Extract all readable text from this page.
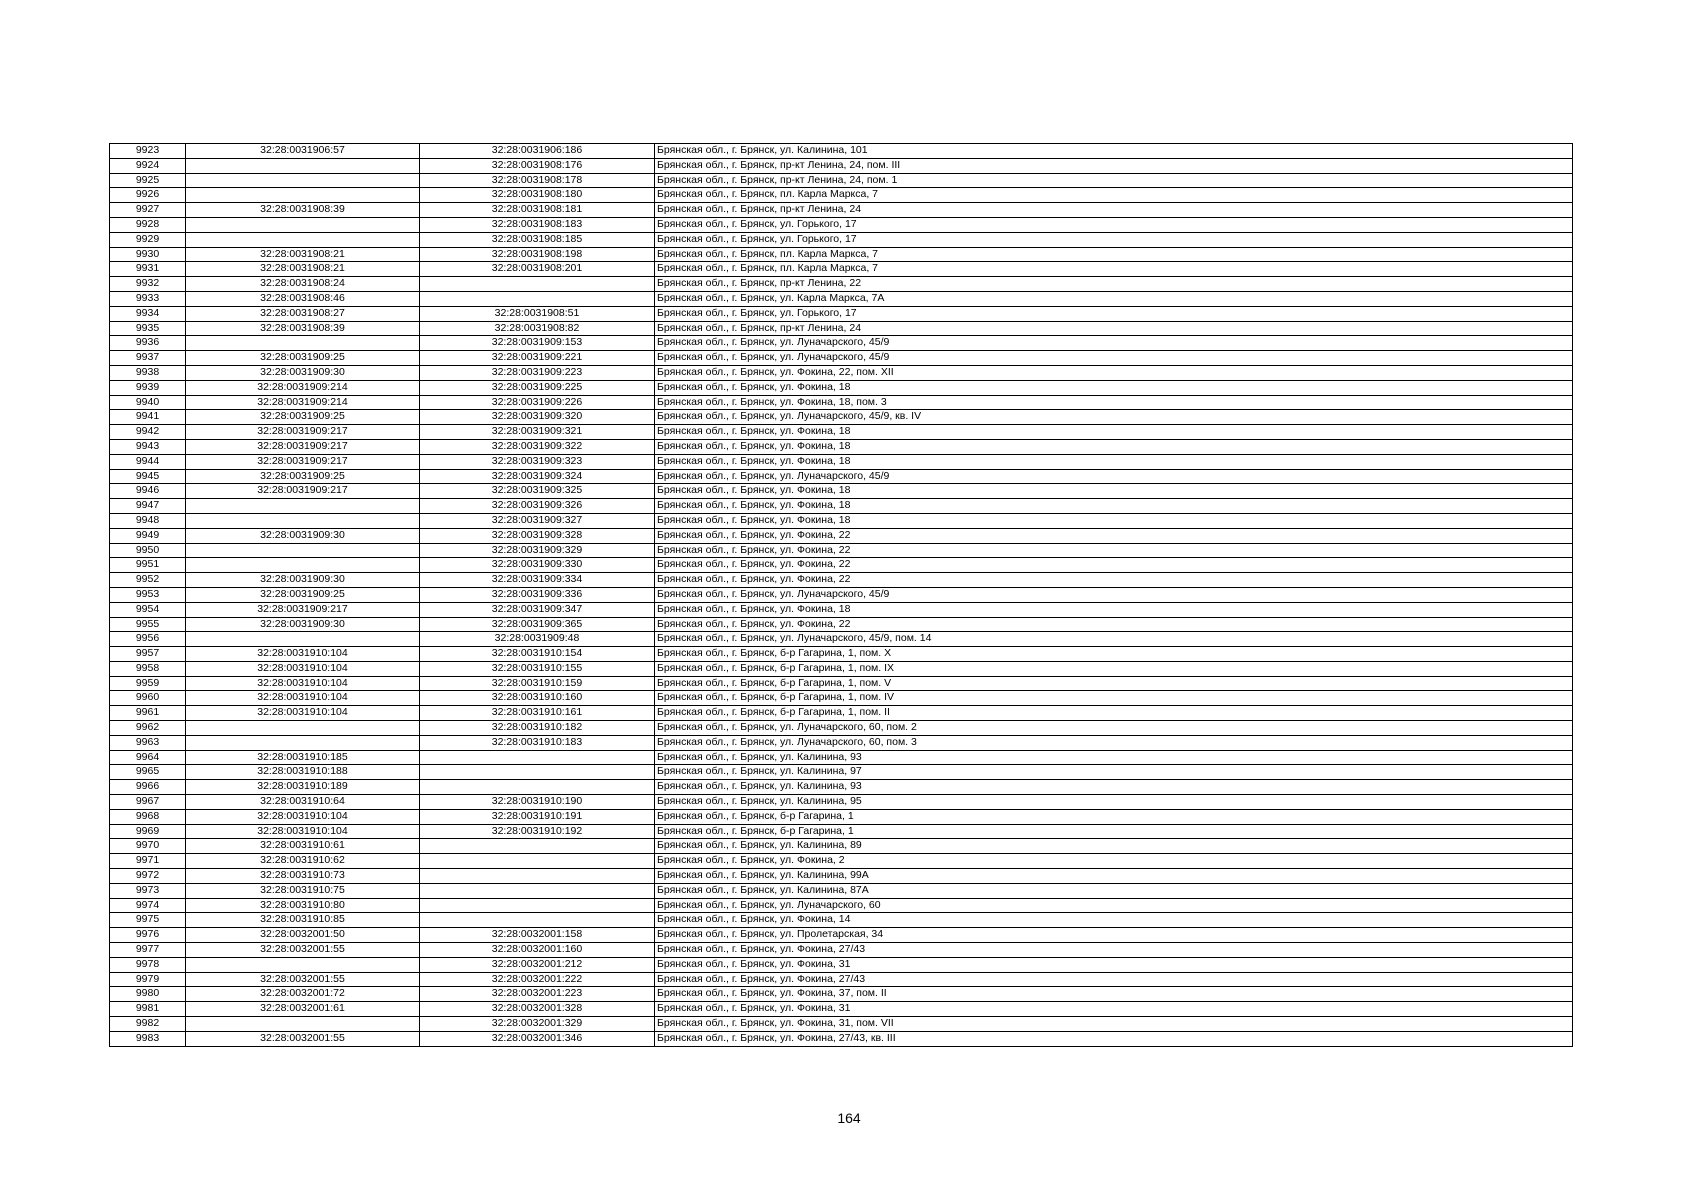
9923	32:28:0031906:57	32:28:0031906:186	Брянская обл., г. Брянск, ул. Калинина, 101
9924		32:28:0031908:176	Брянская обл., г. Брянск, пр-кт Ленина, 24, пом. III
9925		32:28:0031908:178	Брянская обл., г. Брянск, пр-кт Ленина, 24, пом. 1
9926		32:28:0031908:180	Брянская обл., г. Брянск, пл. Карла Маркса, 7
9927	32:28:0031908:39	32:28:0031908:181	Брянская обл., г. Брянск, пр-кт Ленина, 24
9928		32:28:0031908:183	Брянская обл., г. Брянск, ул. Горького, 17
9929		32:28:0031908:185	Брянская обл., г. Брянск, ул. Горького, 17
9930	32:28:0031908:21	32:28:0031908:198	Брянская обл., г. Брянск, пл. Карла Маркса, 7
9931	32:28:0031908:21	32:28:0031908:201	Брянская обл., г. Брянск, пл. Карла Маркса, 7
9932	32:28:0031908:24		Брянская обл., г. Брянск, пр-кт Ленина, 22
9933	32:28:0031908:46		Брянская обл., г. Брянск, ул. Карла Маркса, 7А
9934	32:28:0031908:27	32:28:0031908:51	Брянская обл., г. Брянск, ул. Горького, 17
9935	32:28:0031908:39	32:28:0031908:82	Брянская обл., г. Брянск, пр-кт Ленина, 24
9936		32:28:0031909:153	Брянская обл., г. Брянск, ул. Луначарского, 45/9
9937	32:28:0031909:25	32:28:0031909:221	Брянская обл., г. Брянск, ул. Луначарского, 45/9
9938	32:28:0031909:30	32:28:0031909:223	Брянская обл., г. Брянск, ул. Фокина, 22, пом. XII
9939	32:28:0031909:214	32:28:0031909:225	Брянская обл., г. Брянск, ул. Фокина, 18
9940	32:28:0031909:214	32:28:0031909:226	Брянская обл., г. Брянск, ул. Фокина, 18, пом. 3
9941	32:28:0031909:25	32:28:0031909:320	Брянская обл., г. Брянск, ул. Луначарского, 45/9, кв. IV
9942	32:28:0031909:217	32:28:0031909:321	Брянская обл., г. Брянск, ул. Фокина, 18
9943	32:28:0031909:217	32:28:0031909:322	Брянская обл., г. Брянск, ул. Фокина, 18
9944	32:28:0031909:217	32:28:0031909:323	Брянская обл., г. Брянск, ул. Фокина, 18
9945	32:28:0031909:25	32:28:0031909:324	Брянская обл., г. Брянск, ул. Луначарского, 45/9
9946	32:28:0031909:217	32:28:0031909:325	Брянская обл., г. Брянск, ул. Фокина, 18
9947		32:28:0031909:326	Брянская обл., г. Брянск, ул. Фокина, 18
9948		32:28:0031909:327	Брянская обл., г. Брянск, ул. Фокина, 18
9949	32:28:0031909:30	32:28:0031909:328	Брянская обл., г. Брянск, ул. Фокина, 22
9950		32:28:0031909:329	Брянская обл., г. Брянск, ул. Фокина, 22
9951		32:28:0031909:330	Брянская обл., г. Брянск, ул. Фокина, 22
9952	32:28:0031909:30	32:28:0031909:334	Брянская обл., г. Брянск, ул. Фокина, 22
9953	32:28:0031909:25	32:28:0031909:336	Брянская обл., г. Брянск, ул. Луначарского, 45/9
9954	32:28:0031909:217	32:28:0031909:347	Брянская обл., г. Брянск, ул. Фокина, 18
9955	32:28:0031909:30	32:28:0031909:365	Брянская обл., г. Брянск, ул. Фокина, 22
9956		32:28:0031909:48	Брянская обл., г. Брянск, ул. Луначарского, 45/9, пом. 14
9957	32:28:0031910:104	32:28:0031910:154	Брянская обл., г. Брянск, б-р Гагарина, 1, пом. X
9958	32:28:0031910:104	32:28:0031910:155	Брянская обл., г. Брянск, б-р Гагарина, 1, пом. IX
9959	32:28:0031910:104	32:28:0031910:159	Брянская обл., г. Брянск, б-р Гагарина, 1, пом. V
9960	32:28:0031910:104	32:28:0031910:160	Брянская обл., г. Брянск, б-р Гагарина, 1, пом. IV
9961	32:28:0031910:104	32:28:0031910:161	Брянская обл., г. Брянск, б-р Гагарина, 1, пом. II
9962		32:28:0031910:182	Брянская обл., г. Брянск, ул. Луначарского, 60, пом. 2
9963		32:28:0031910:183	Брянская обл., г. Брянск, ул. Луначарского, 60, пом. 3
9964	32:28:0031910:185		Брянская обл., г. Брянск, ул. Калинина, 93
9965	32:28:0031910:188		Брянская обл., г. Брянск, ул. Калинина, 97
9966	32:28:0031910:189		Брянская обл., г. Брянск, ул. Калинина, 93
9967	32:28:0031910:64	32:28:0031910:190	Брянская обл., г. Брянск, ул. Калинина, 95
9968	32:28:0031910:104	32:28:0031910:191	Брянская обл., г. Брянск, б-р Гагарина, 1
9969	32:28:0031910:104	32:28:0031910:192	Брянская обл., г. Брянск, б-р Гагарина, 1
9970	32:28:0031910:61		Брянская обл., г. Брянск, ул. Калинина, 89
9971	32:28:0031910:62		Брянская обл., г. Брянск, ул. Фокина, 2
9972	32:28:0031910:73		Брянская обл., г. Брянск, ул. Калинина, 99А
9973	32:28:0031910:75		Брянская обл., г. Брянск, ул. Калинина, 87А
9974	32:28:0031910:80		Брянская обл., г. Брянск, ул. Луначарского, 60
9975	32:28:0031910:85		Брянская обл., г. Брянск, ул. Фокина, 14
9976	32:28:0032001:50	32:28:0032001:158	Брянская обл., г. Брянск, ул. Пролетарская, 34
9977	32:28:0032001:55	32:28:0032001:160	Брянская обл., г. Брянск, ул. Фокина, 27/43
9978		32:28:0032001:212	Брянская обл., г. Брянск, ул. Фокина, 31
9979	32:28:0032001:55	32:28:0032001:222	Брянская обл., г. Брянск, ул. Фокина, 27/43
9980	32:28:0032001:72	32:28:0032001:223	Брянская обл., г. Брянск, ул. Фокина, 37, пом. II
9981	32:28:0032001:61	32:28:0032001:328	Брянская обл., г. Брянск, ул. Фокина, 31
9982		32:28:0032001:329	Брянская обл., г. Брянск, ул. Фокина, 31, пом. VII
9983	32:28:0032001:55	32:28:0032001:346	Брянская обл., г. Брянск, ул. Фокина, 27/43, кв. III
164
